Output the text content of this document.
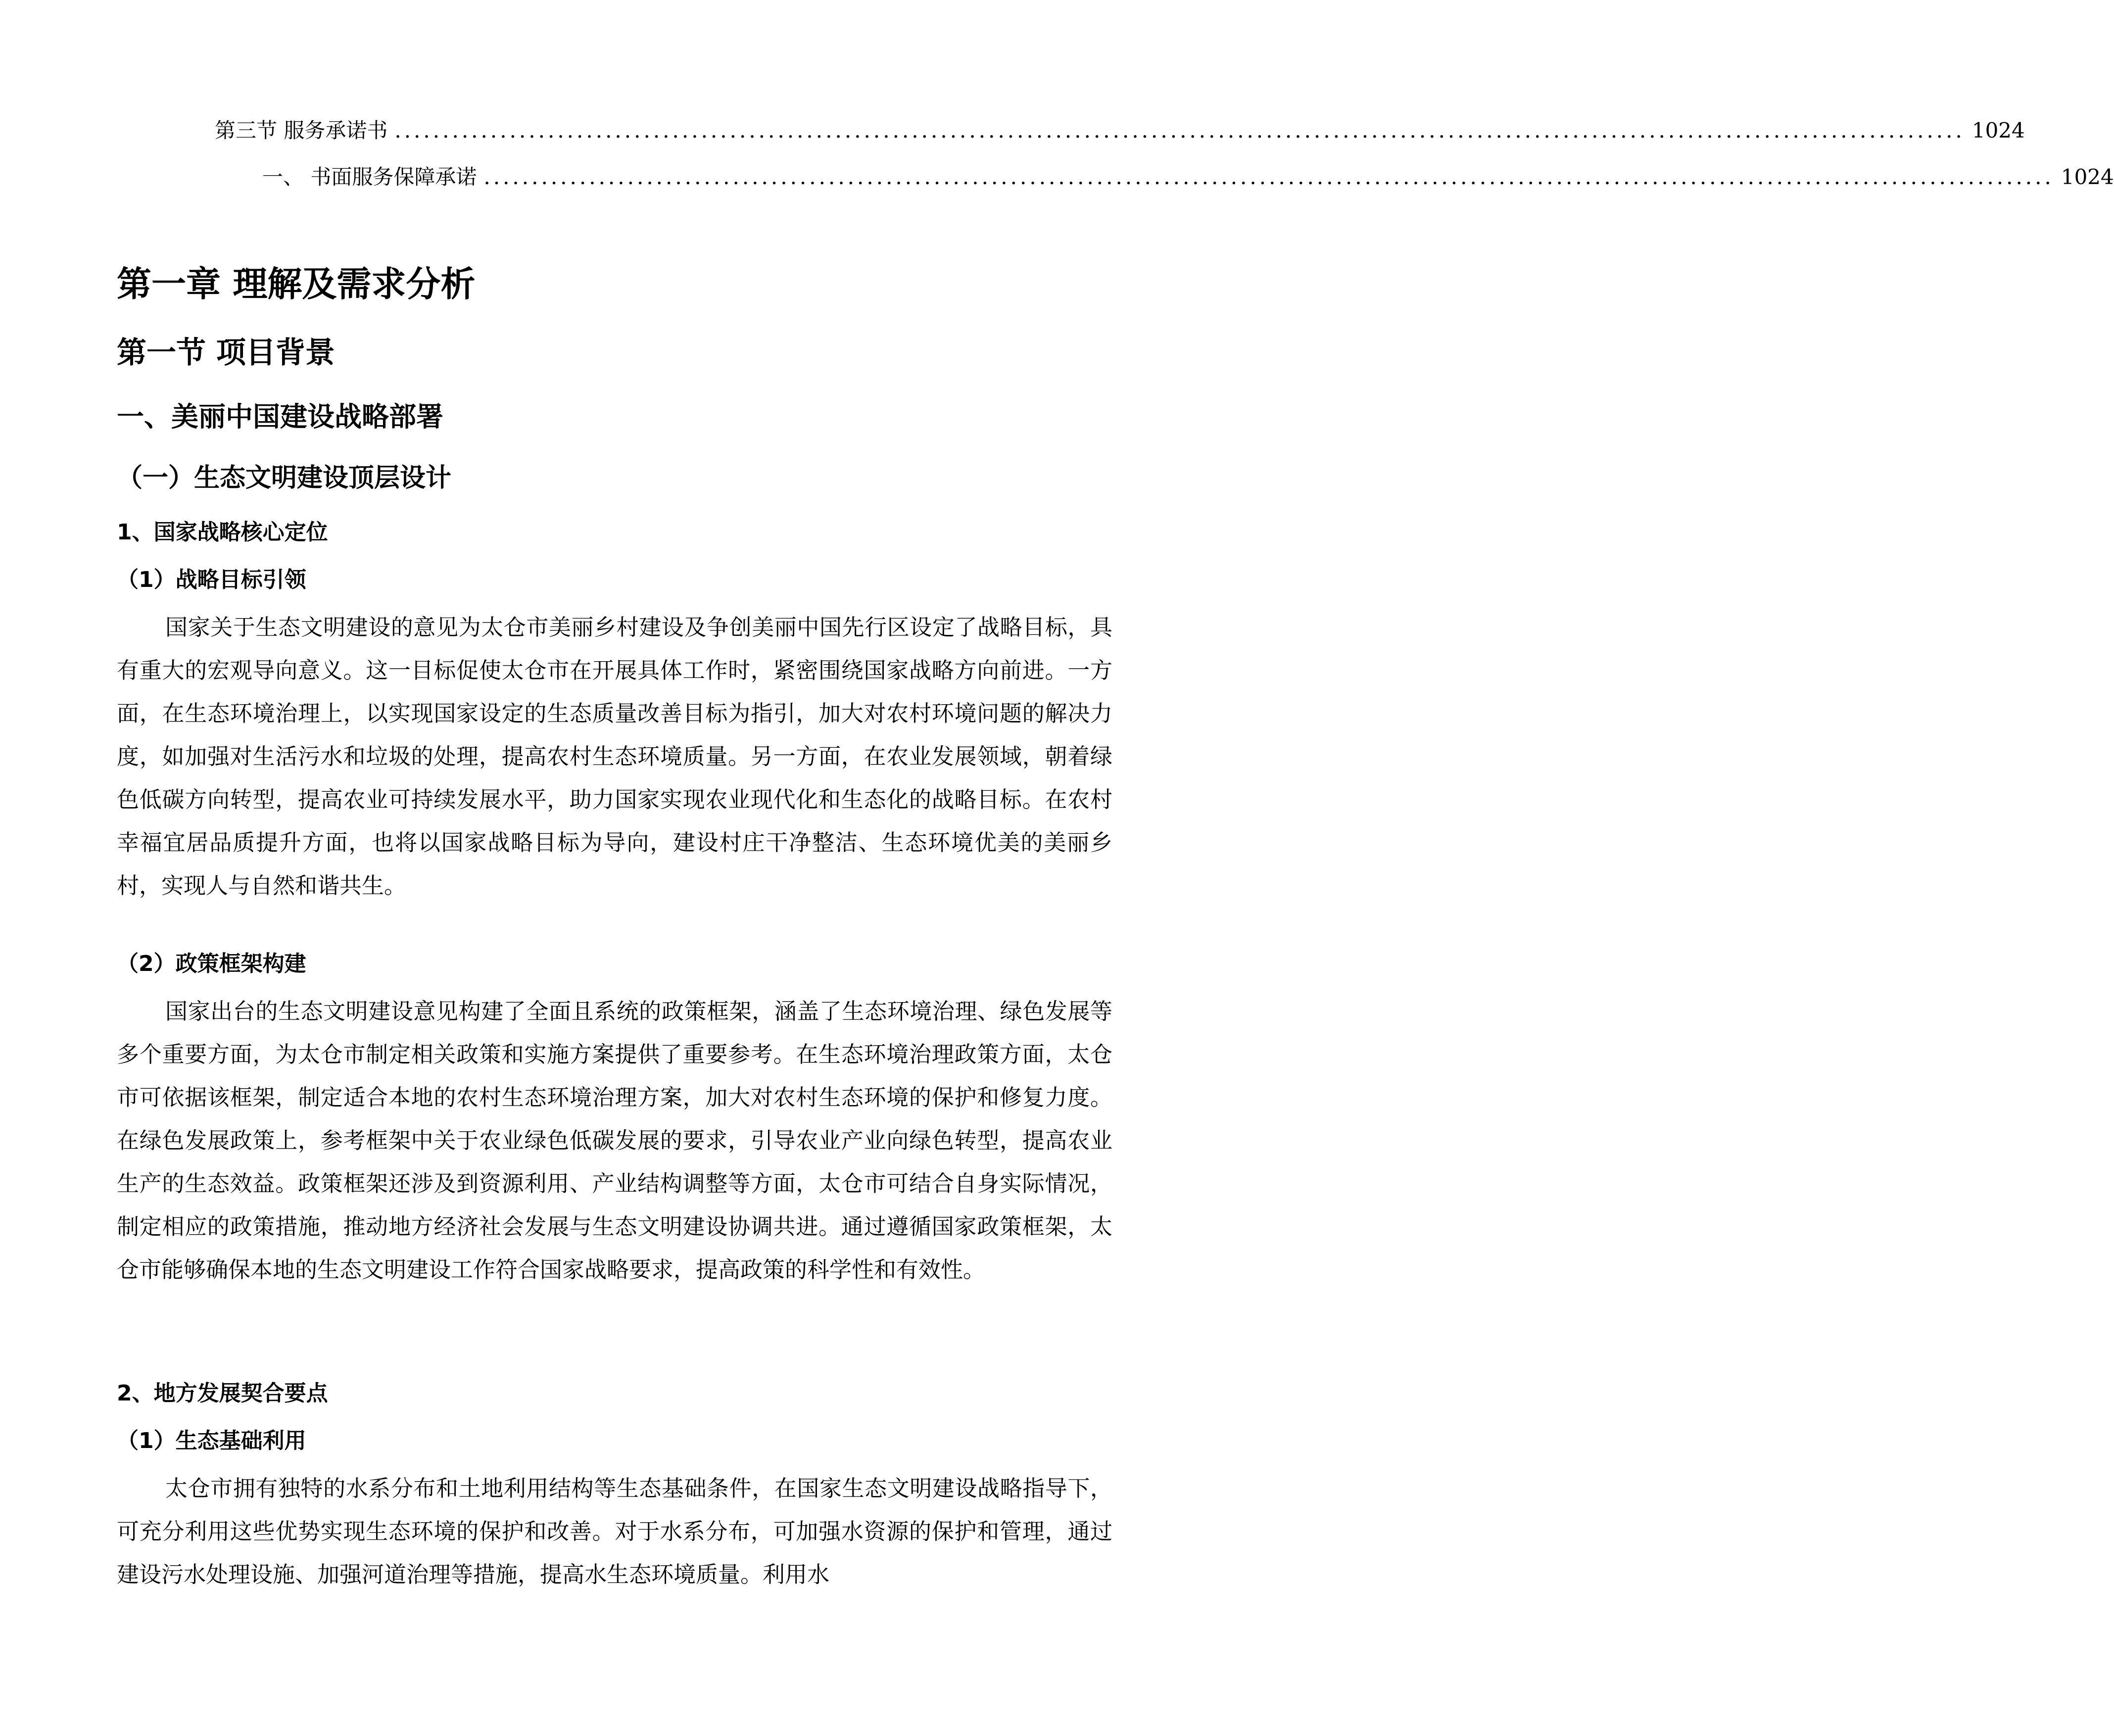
第三节 服务承诺书 .................................................................................................................................................................... 1024
一、 书面服务保障承诺 .................................................................................................................................................................... 1024
第一章 理解及需求分析
第一节 项目背景
一、美丽中国建设战略部署
（一）生态文明建设顶层设计
1、国家战略核心定位
（1）战略目标引领

国家关于生态文明建设的意见为太仓市美丽乡村建设及争创美丽中国先行区设定了战略目标，具有重大的宏观导向意义。这一目标促使太仓市在开展具体工作时，紧密围绕国家战略方向前进。一方面，在生态环境治理上，以实现国家设定的生态质量改善目标为指引，加大对农村环境问题的解决力度，如加强对生活污水和垃圾的处理，提高农村生态环境质量。另一方面，在农业发展领域，朝着绿色低碳方向转型，提高农业可持续发展水平，助力国家实现农业现代化和生态化的战略目标。在农村幸福宜居品质提升方面，也将以国家战略目标为导向，建设村庄干净整洁、生态环境优美的美丽乡村，实现人与自然和谐共生。

（2）政策框架构建

国家出台的生态文明建设意见构建了全面且系统的政策框架，涵盖了生态环境治理、绿色发展等多个重要方面，为太仓市制定相关政策和实施方案提供了重要参考。在生态环境治理政策方面，太仓市可依据该框架，制定适合本地的农村生态环境治理方案，加大对农村生态环境的保护和修复力度。在绿色发展政策上，参考框架中关于农业绿色低碳发展的要求，引导农业产业向绿色转型，提高农业生产的生态效益。政策框架还涉及到资源利用、产业结构调整等方面，太仓市可结合自身实际情况，制定相应的政策措施，推动地方经济社会发展与生态文明建设协调共进。通过遵循国家政策框架，太仓市能够确保本地的生态文明建设工作符合国家战略要求，提高政策的科学性和有效性。

2、地方发展契合要点
（1）生态基础利用

太仓市拥有独特的水系分布和土地利用结构等生态基础条件，在国家生态文明建设战略指导下，可充分利用这些优势实现生态环境的保护和改善。对于水系分布，可加强水资源的保护和管理，通过建设污水处理设施、加强河道治理等措施，提高水生态环境质量。利用水
